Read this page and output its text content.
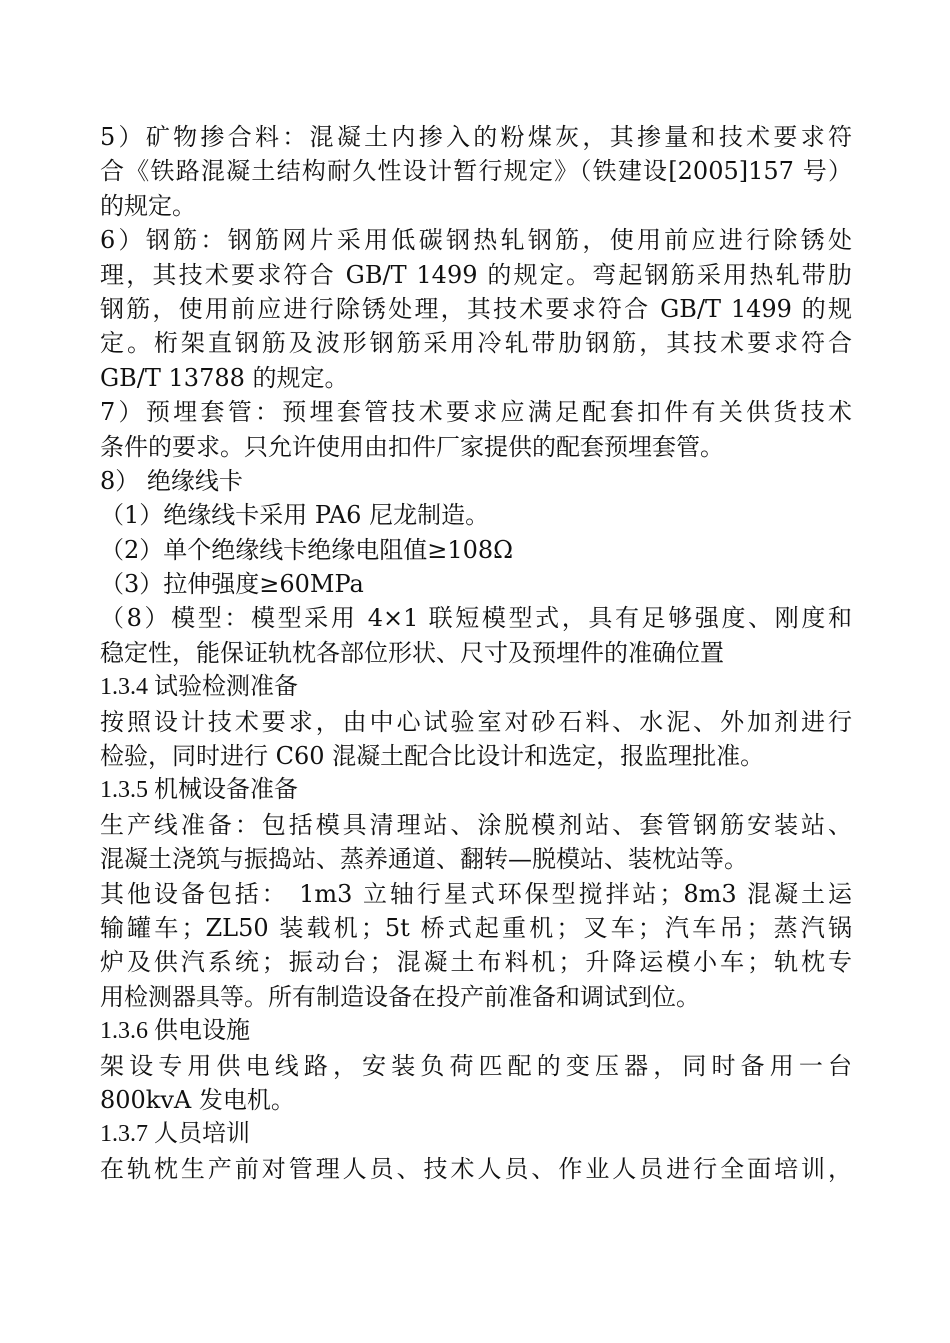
5）矿物掺合料：混凝土内掺入的粉煤灰，其掺量和技术要求符
合《铁路混凝土结构耐久性设计暂行规定》（铁建设[2005]157 号）
的规定。
6）钢筋：钢筋网片采用低碳钢热轧钢筋，使用前应进行除锈处
理，其技术要求符合 GB/T 1499 的规定。弯起钢筋采用热轧带肋
钢筋，使用前应进行除锈处理，其技术要求符合 GB/T 1499 的规
定。桁架直钢筋及波形钢筋采用冷轧带肋钢筋，其技术要求符合
GB/T 13788 的规定。
7）预埋套管：预埋套管技术要求应满足配套扣件有关供货技术
条件的要求。只允许使用由扣件厂家提供的配套预埋套管。
8） 绝缘线卡
（1）绝缘线卡采用 PA6 尼龙制造。
（2）单个绝缘线卡绝缘电阻值≥108Ω
（3）拉伸强度≥60MPa
（8）模型：模型采用 4×1 联短模型式，具有足够强度、刚度和
稳定性，能保证轨枕各部位形状、尺寸及预埋件的准确位置
1.3.4 试验检测准备
按照设计技术要求，由中心试验室对砂石料、水泥、外加剂进行
检验，同时进行 C60 混凝土配合比设计和选定，报监理批准。
1.3.5 机械设备准备
生产线准备：包括模具清理站、涂脱模剂站、套管钢筋安装站、
混凝土浇筑与振捣站、蒸养通道、翻转—脱模站、装枕站等。
其他设备包括： 1m3 立轴行星式环保型搅拌站；8m3 混凝土运
输罐车；ZL50 装载机；5t 桥式起重机；叉车；汽车吊；蒸汽锅
炉及供汽系统；振动台；混凝土布料机；升降运模小车；轨枕专
用检测器具等。所有制造设备在投产前准备和调试到位。
1.3.6 供电设施
架设专用供电线路，安装负荷匹配的变压器，同时备用一台
800kvA 发电机。
1.3.7 人员培训
在轨枕生产前对管理人员、技术人员、作业人员进行全面培训，
